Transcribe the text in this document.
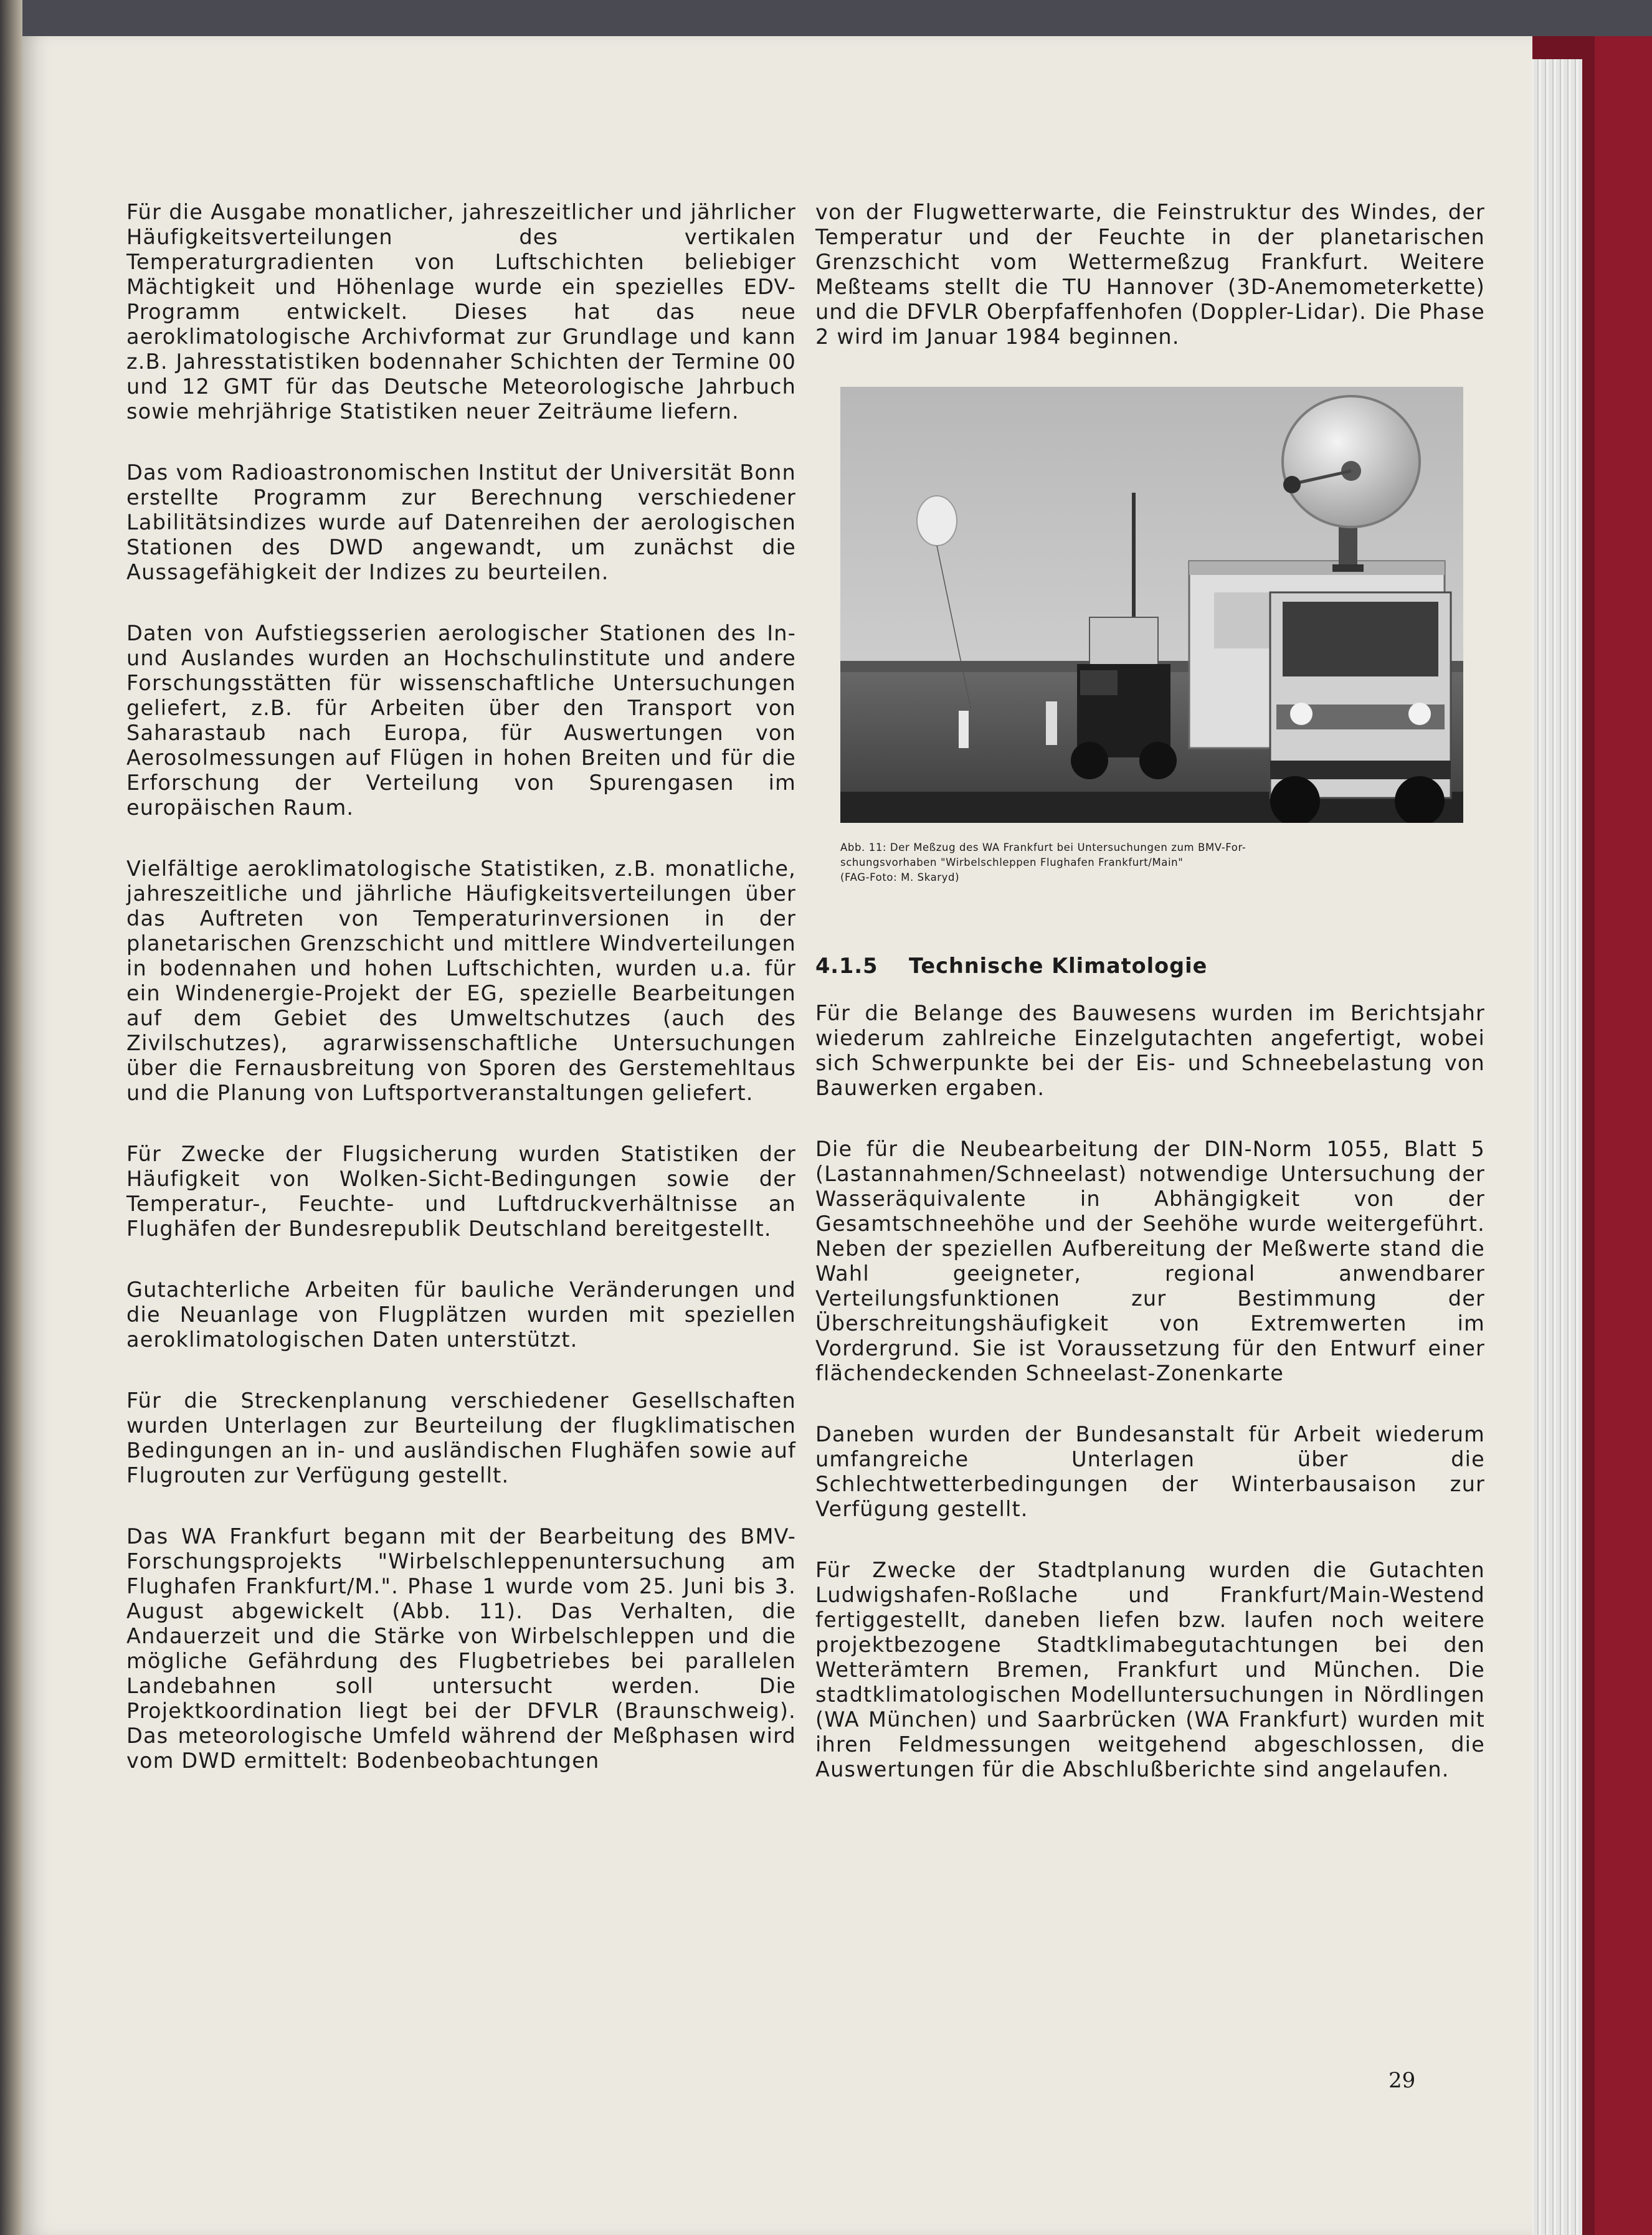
Für die Ausgabe monatlicher, jahreszeitlicher und jährlicher Häufigkeitsverteilungen des vertikalen Temperaturgradienten von Luftschichten beliebiger Mächtigkeit und Höhenlage wurde ein spezielles EDV-Programm entwickelt. Dieses hat das neue aeroklimatologische Archivformat zur Grundlage und kann z.B. Jahresstatistiken bodennaher Schichten der Termine 00 und 12 GMT für das Deutsche Meteorologische Jahrbuch sowie mehrjährige Statistiken neuer Zeiträume liefern.

Das vom Radioastronomischen Institut der Universität Bonn erstellte Programm zur Berechnung verschiedener Labilitätsindizes wurde auf Datenreihen der aerologischen Stationen des DWD angewandt, um zunächst die Aussagefähigkeit der Indizes zu beurteilen.

Daten von Aufstiegsserien aerologischer Stationen des In- und Auslandes wurden an Hochschulinstitute und andere Forschungsstätten für wissenschaftliche Untersuchungen geliefert, z.B. für Arbeiten über den Transport von Saharastaub nach Europa, für Auswertungen von Aerosolmessungen auf Flügen in hohen Breiten und für die Erforschung der Verteilung von Spurengasen im europäischen Raum.

Vielfältige aeroklimatologische Statistiken, z.B. monatliche, jahreszeitliche und jährliche Häufigkeitsverteilungen über das Auftreten von Temperaturinversionen in der planetarischen Grenzschicht und mittlere Windverteilungen in bodennahen und hohen Luftschichten, wurden u.a. für ein Windenergie-Projekt der EG, spezielle Bearbeitungen auf dem Gebiet des Umweltschutzes (auch des Zivilschutzes), agrarwissenschaftliche Untersuchungen über die Fernausbreitung von Sporen des Gerstemehltaus und die Planung von Luftsportveranstaltungen geliefert.

Für Zwecke der Flugsicherung wurden Statistiken der Häufigkeit von Wolken-Sicht-Bedingungen sowie der Temperatur-, Feuchte- und Luftdruckverhältnisse an Flughäfen der Bundesrepublik Deutschland bereitgestellt.

Gutachterliche Arbeiten für bauliche Veränderungen und die Neuanlage von Flugplätzen wurden mit speziellen aeroklimatologischen Daten unterstützt.

Für die Streckenplanung verschiedener Gesellschaften wurden Unterlagen zur Beurteilung der flugklimatischen Bedingungen an in- und ausländischen Flughäfen sowie auf Flugrouten zur Verfügung gestellt.

Das WA Frankfurt begann mit der Bearbeitung des BMV-Forschungsprojekts "Wirbelschleppenuntersuchung am Flughafen Frankfurt/M.". Phase 1 wurde vom 25. Juni bis 3. August abgewickelt (Abb. 11). Das Verhalten, die Andauerzeit und die Stärke von Wirbelschleppen und die mögliche Gefährdung des Flugbetriebes bei parallelen Landebahnen soll untersucht werden. Die Projektkoordination liegt bei der DFVLR (Braunschweig). Das meteorologische Umfeld während der Meßphasen wird vom DWD ermittelt: Bodenbeobachtungen

von der Flugwetterwarte, die Feinstruktur des Windes, der Temperatur und der Feuchte in der planetarischen Grenzschicht vom Wettermeßzug Frankfurt. Weitere Meßteams stellt die TU Hannover (3D-Anemometerkette) und die DFVLR Oberpfaffenhofen (Doppler-Lidar). Die Phase 2 wird im Januar 1984 beginnen.

Abb. 11: Der Meßzug des WA Frankfurt bei Untersuchungen zum BMV-For-
schungsvorhaben "Wirbelschleppen Flughafen Frankfurt/Main"
(FAG-Foto: M. Skaryd)
4.1.5 Technische Klimatologie

Für die Belange des Bauwesens wurden im Berichtsjahr wiederum zahlreiche Einzelgutachten angefertigt, wobei sich Schwerpunkte bei der Eis- und Schneebelastung von Bauwerken ergaben.

Die für die Neubearbeitung der DIN-Norm 1055, Blatt 5 (Lastannahmen/Schneelast) notwendige Untersuchung der Wasseräquivalente in Abhängigkeit von der Gesamtschneehöhe und der Seehöhe wurde weitergeführt. Neben der speziellen Aufbereitung der Meßwerte stand die Wahl geeigneter, regional anwendbarer Verteilungsfunktionen zur Bestimmung der Überschreitungshäufigkeit von Extremwerten im Vordergrund. Sie ist Voraussetzung für den Entwurf einer flächendeckenden Schneelast-Zonenkarte

Daneben wurden der Bundesanstalt für Arbeit wiederum umfangreiche Unterlagen über die Schlechtwetterbedingungen der Winterbausaison zur Verfügung gestellt.

Für Zwecke der Stadtplanung wurden die Gutachten Ludwigshafen-Roßlache und Frankfurt/Main-Westend fertiggestellt, daneben liefen bzw. laufen noch weitere projektbezogene Stadtklimabegutachtungen bei den Wetterämtern Bremen, Frankfurt und München. Die stadtklimatologischen Modelluntersuchungen in Nördlingen (WA München) und Saarbrücken (WA Frankfurt) wurden mit ihren Feldmessungen weitgehend abgeschlossen, die Auswertungen für die Abschlußberichte sind angelaufen.

29
